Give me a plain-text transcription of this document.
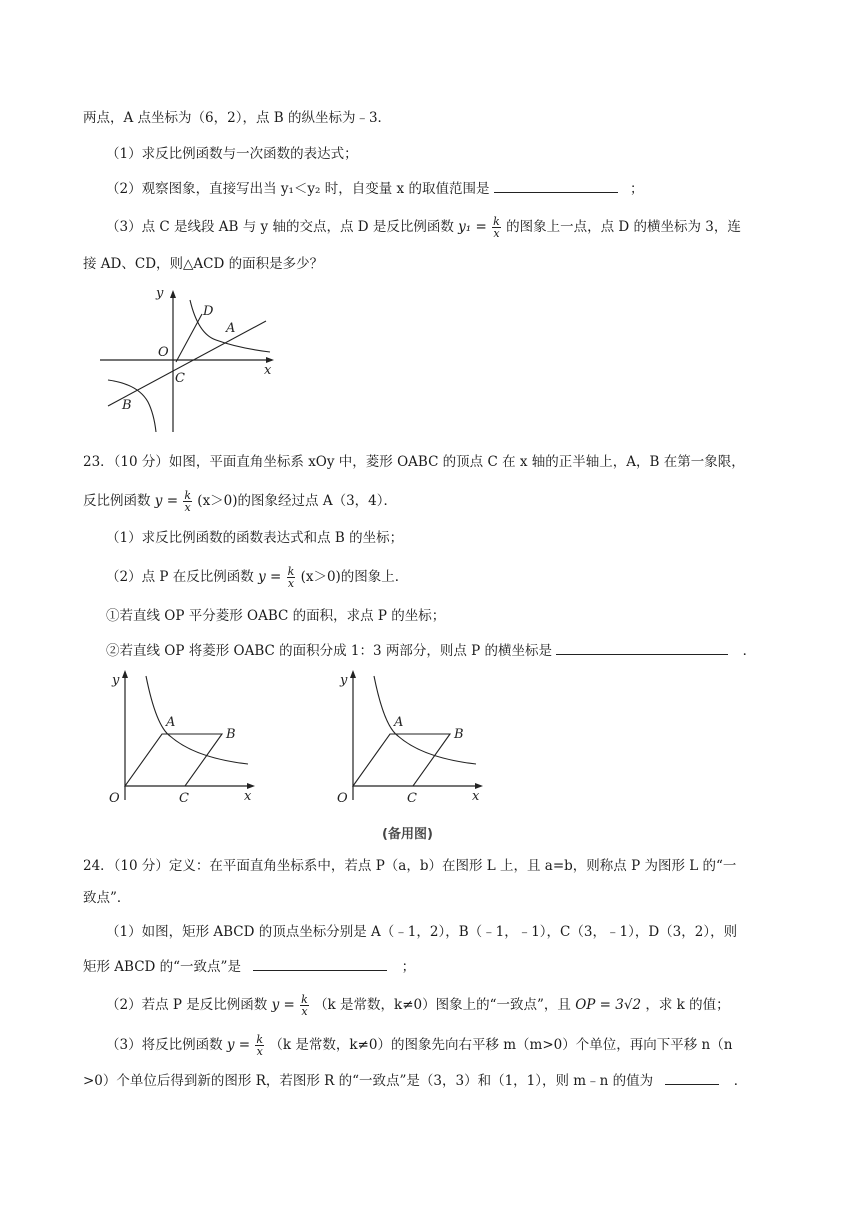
两点，A 点坐标为（6，2），点 B 的纵坐标为﹣3．
（1）求反比例函数与一次函数的表达式；
（2）观察图象，直接写出当 y₁＜y₂ 时，自变量 x 的取值范围是	；
（3）点 C 是线段 AB 与 y 轴的交点，点 D 是反比例函数 $y_1 = \frac{k}{x}$ 的图象上一点，点 D 的横坐标为 3，连
接 AD、CD，则△ACD 的面积是多少？
y
x
O
D
A
C
B
23．（10 分）如图，平面直角坐标系 xOy 中，菱形 OABC 的顶点 C 在 x 轴的正半轴上，A，B 在第一象限，
反比例函数 $y = \frac{k}{x} (x>0)$的图象经过点 A（3，4）．
（1）求反比例函数的函数表达式和点 B 的坐标；
（2）点 P 在反比例函数 $y = \frac{k}{x} (x>0)$的图象上．
①若直线 OP 平分菱形 OABC 的面积，求点 P 的坐标；
②若直线 OP 将菱形 OABC 的面积分成 1：3 两部分，则点 P 的横坐标是	．
y
x
O
A
B
C
y
x
O
A
B
C
(备用图)
24．（10 分）定义：在平面直角坐标系中，若点 P（a，b）在图形 L 上，且 a=b，则称点 P 为图形 L 的“一
致点”．
（1）如图，矩形 ABCD 的顶点坐标分别是 A（﹣1，2），B（﹣1，﹣1），C（3，﹣1），D（3，2），则
矩形 ABCD 的“一致点”是	；
（2）若点 P 是反比例函数 $y = \frac{k}{x} (k$ 是常数，k≠0）图象上的“一致点”，且 OP = 3√2 ，求 k 的值；
（3）将反比例函数 $y = \frac{k}{x} (k$ 是常数，k≠0）的图象先向右平移 m（m>0）个单位，再向下平移 n（n
>0）个单位后得到新的图形 R，若图形 R 的“一致点”是（3，3）和（1，1），则 m﹣n 的值为	．
